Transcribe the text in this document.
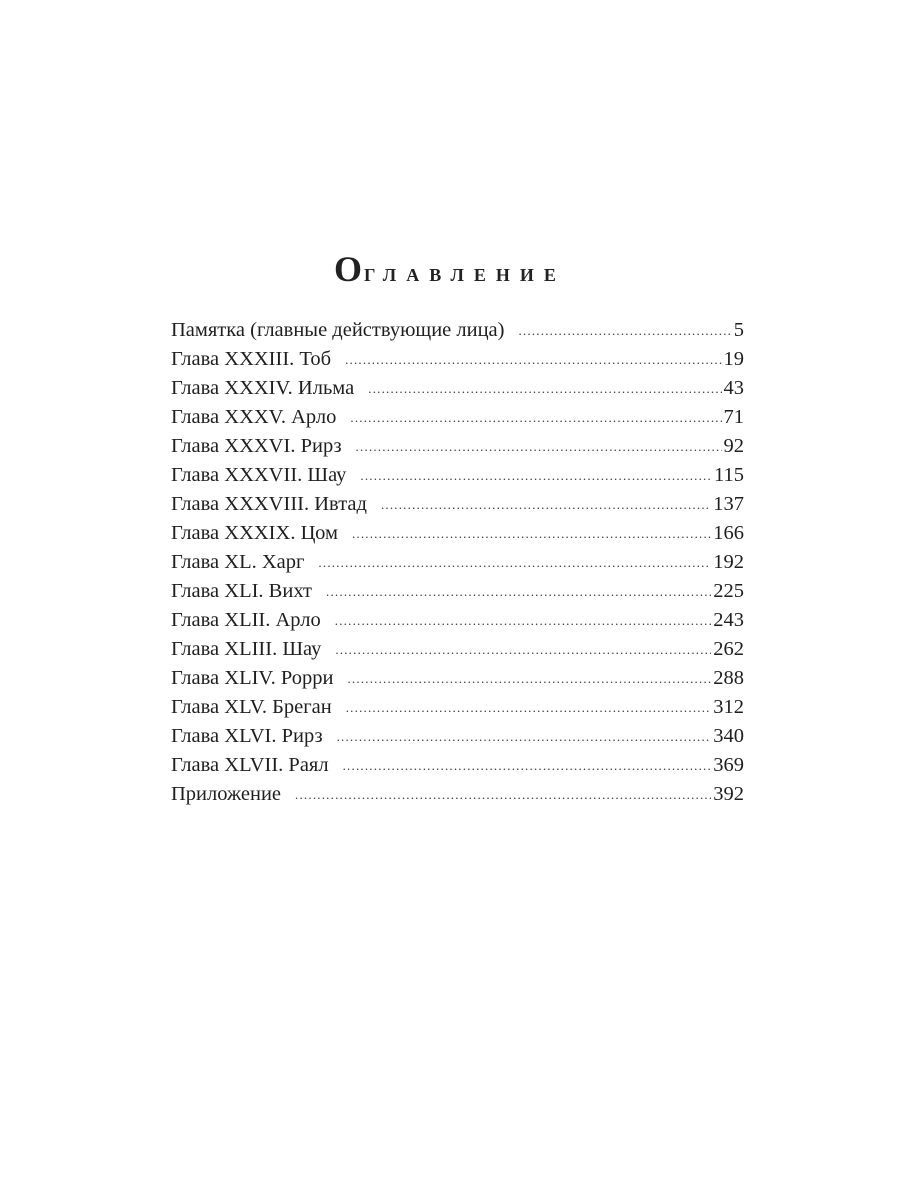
Оглавление
Памятка (главные действующие лица) .....	5
Глава XXXIII. Тоб .....	19
Глава XXXIV. Ильма .....	43
Глава XXXV. Арло .....	71
Глава XXXVI. Рирз .....	92
Глава XXXVII. Шау .....	115
Глава XXXVIII. Ивтад .....	137
Глава XXXIX. Цом .....	166
Глава XL. Харг .....	192
Глава XLI. Вихт .....	225
Глава XLII. Арло .....	243
Глава XLIII. Шау .....	262
Глава XLIV. Рорри .....	288
Глава XLV. Бреган .....	312
Глава XLVI. Рирз .....	340
Глава XLVII. Раял .....	369
Приложение .....	392
